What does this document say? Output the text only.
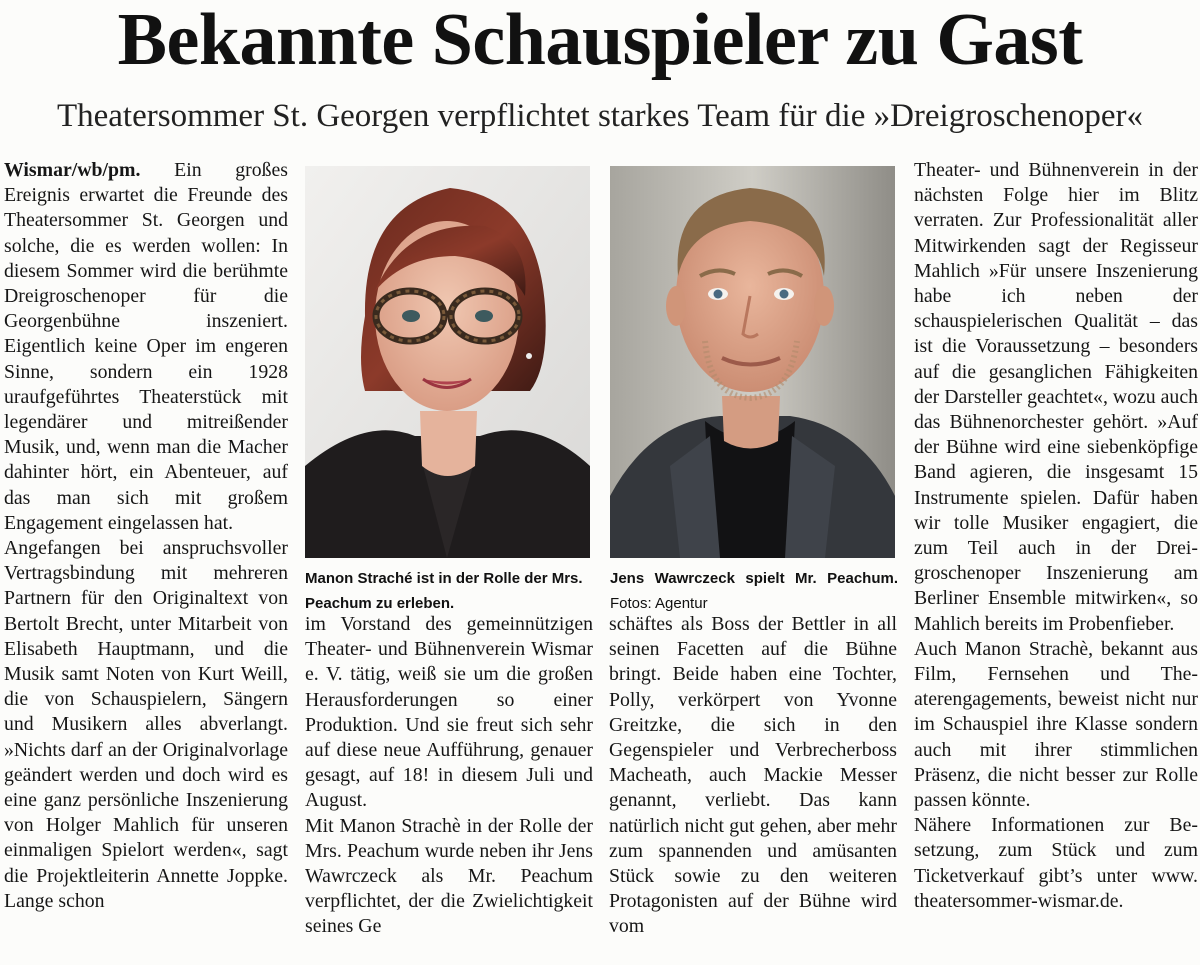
Bekannte Schauspieler zu Gast
Theatersommer St. Georgen verpflichtet starkes Team für die »Dreigroschenoper«

Wismar/wb/pm. Ein großes Ereignis erwartet die Freunde des Theatersommer St. Georgen und solche, die es werden wollen: In diesem Sommer wird die berühmte Dreigroschenoper für die Georgenbühne inszeniert. Eigentlich keine Oper im engeren Sinne, sondern ein 1928 uraufgeführtes Theaterstück mit legendärer und mitreißender Musik, und, wenn man die Macher dahinter hört, ein Abenteuer, auf das man sich mit großem Engagement eingelassen hat.

Angefangen bei anspruchsvoller Vertragsbindung mit mehreren Partnern für den Originaltext von Bertolt Brecht, unter Mitarbeit von Elisabeth Hauptmann, und die Musik samt Noten von Kurt Weill, die von Schauspielern, Sängern und Musikern alles abverlangt. »Nichts darf an der Originalvorlage geändert werden und doch wird es eine ganz persönliche Inszenierung von Holger Mahlich für unseren einmaligen Spielort werden«, sagt die Projektleiterin Annette Joppke. Lange schon

Manon Straché ist in der Rolle der Mrs. Peachum zu erleben.
Jens Wawrczeck spielt Mr. Peachum. Fotos: Agentur

im Vorstand des gemeinnützigen Theater- und Bühnenverein Wismar e. V. tätig, weiß sie um die großen Herausforderungen so einer Produktion. Und sie freut sich sehr auf diese neue Aufführung, genauer gesagt, auf 18! in diesem Juli und August.

Mit Manon Strachè in der Rolle der Mrs. Peachum wurde neben ihr Jens Wawrczeck als Mr. Peachum verpflichtet, der die Zwielichtigkeit seines Ge

schäftes als Boss der Bettler in all seinen Facetten auf die Bühne bringt. Beide haben eine Tochter, Polly, verkörpert von Yvonne Greitzke, die sich in den Gegenspieler und Verbrecherboss Macheath, auch Mackie Messer genannt, verliebt. Das kann natürlich nicht gut gehen, aber mehr zum spannenden und amüsanten Stück sowie zu den weiteren Protagonisten auf der Bühne wird vom

Theater- und Bühnenverein in der nächsten Folge hier im Blitz verraten. Zur Professionalität aller Mitwirkenden sagt der Regisseur Mahlich »Für unsere Inszenierung habe ich neben der schauspielerischen Qualität – das ist die Voraussetzung – besonders auf die gesanglichen Fähigkeiten der Darsteller geachtet«, wozu auch das Bühnenorchester gehört. »Auf der Bühne wird eine siebenköpfige Band agieren, die insgesamt 15 Instrumente spielen. Dafür haben wir tolle Musiker engagiert, die zum Teil auch in der Dreigroschenoper Inszenierung am Berliner Ensemble mitwirken«, so Mahlich bereits im Probenfieber.

Auch Manon Strachè, bekannt aus Film, Fernsehen und Theaterengagements, beweist nicht nur im Schauspiel ihre Klasse sondern auch mit ihrer stimmlichen Präsenz, die nicht besser zur Rolle passen könnte.

Nähere Informationen zur Besetzung, zum Stück und zum Ticketverkauf gibt’s unter www. theatersommer-wismar.de.
